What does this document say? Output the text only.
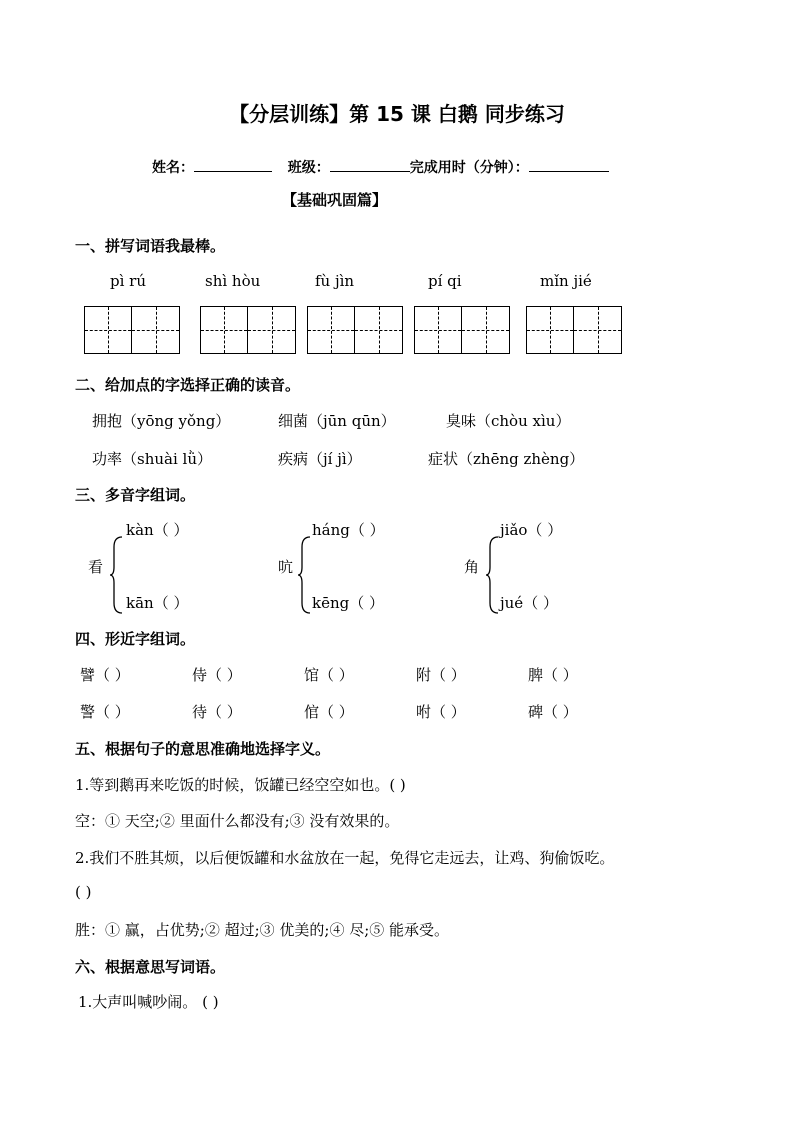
【分层训练】第 15 课 白鹅 同步练习
姓名：	班级：	完成用时（分钟）：
【基础巩固篇】
一、拼写词语我最棒。
pì rú	shì hòu	fù jìn	pí qi	mǐn jié
二、给加点的字选择正确的读音。
拥抱（yōng yǒng）	细菌（jūn qūn）	臭味（chòu xìu）
功率（shuài lǜ）	疾病（jí jì）	症状（zhēng zhèng）
三、多音字组词。
看
kàn（ ）
kān（ ）
吭
háng（ ）
kēng（ ）
角
jiǎo（ ）
jué（ ）
四、形近字组词。
譬（ ）	侍（ ）	馆（ ）	附（ ）	脾（ ）
警（ ）	待（ ）	倌（ ）	咐（ ）	碑（ ）
五、根据句子的意思准确地选择字义。
1.等到鹅再来吃饭的时候，饭罐已经空空如也。( )
空：① 天空;② 里面什么都没有;③ 没有效果的。
2.我们不胜其烦，以后便饭罐和水盆放在一起，免得它走远去，让鸡、狗偷饭吃。
( )
胜：① 赢，占优势;② 超过;③ 优美的;④ 尽;⑤ 能承受。
六、根据意思写词语。
1.大声叫喊吵闹。 ( )
